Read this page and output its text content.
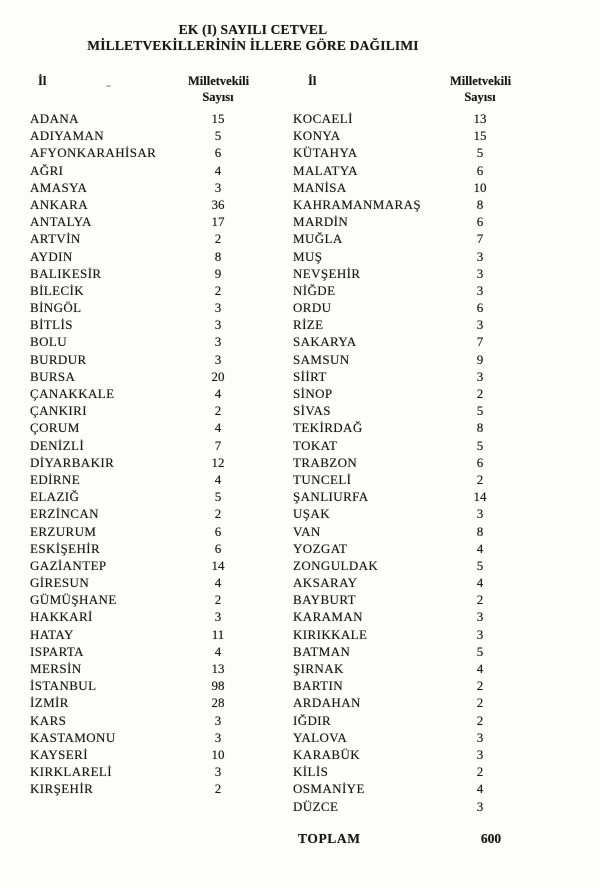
EK (I) SAYILI CETVEL
MİLLETVEKİLLERİNİN İLLERE GÖRE DAĞILIMI
İl	Milletvekili
Sayısı
ADANA	15
ADIYAMAN	5
AFYONKARAHİSAR	6
AĞRI	4
AMASYA	3
ANKARA	36
ANTALYA	17
ARTVİN	2
AYDIN	8
BALIKESİR	9
BİLECİK	2
BİNGÖL	3
BİTLİS	3
BOLU	3
BURDUR	3
BURSA	20
ÇANAKKALE	4
ÇANKIRI	2
ÇORUM	4
DENİZLİ	7
DİYARBAKIR	12
EDİRNE	4
ELAZIĞ	5
ERZİNCAN	2
ERZURUM	6
ESKİŞEHİR	6
GAZİANTEP	14
GİRESUN	4
GÜMÜŞHANE	2
HAKKARİ	3
HATAY	11
ISPARTA	4
MERSİN	13
İSTANBUL	98
İZMİR	28
KARS	3
KASTAMONU	3
KAYSERİ	10
KIRKLARELİ	3
KIRŞEHİR	2
İl	Milletvekili
Sayısı
KOCAELİ	13
KONYA	15
KÜTAHYA	5
MALATYA	6
MANİSA	10
KAHRAMANMARAŞ	8
MARDİN	6
MUĞLA	7
MUŞ	3
NEVŞEHİR	3
NİĞDE	3
ORDU	6
RİZE	3
SAKARYA	7
SAMSUN	9
SİİRT	3
SİNOP	2
SİVAS	5
TEKİRDAĞ	8
TOKAT	5
TRABZON	6
TUNCELİ	2
ŞANLIURFA	14
UŞAK	3
VAN	8
YOZGAT	4
ZONGULDAK	5
AKSARAY	4
BAYBURT	2
KARAMAN	3
KIRIKKALE	3
BATMAN	5
ŞIRNAK	4
BARTIN	2
ARDAHAN	2
IĞDIR	2
YALOVA	3
KARABÜK	3
KİLİS	2
OSMANİYE	4
DÜZCE	3
TOPLAM	600
